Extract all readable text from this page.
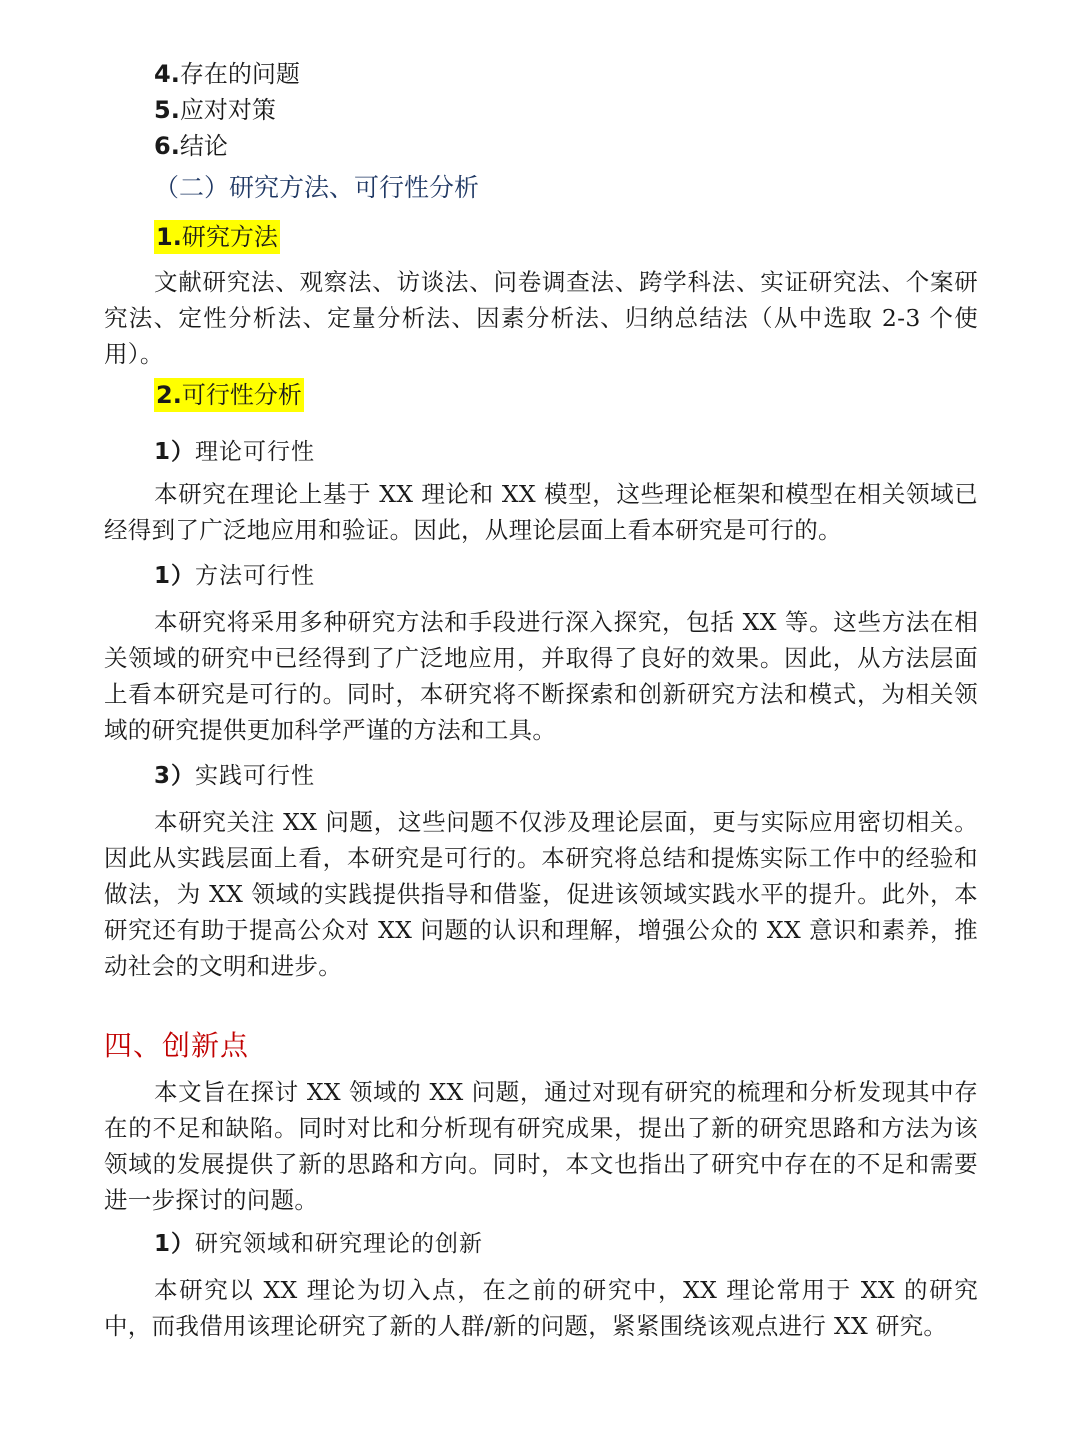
4.存在的问题
5.应对对策
6.结论
（二）研究方法、可行性分析
1.研究方法

文献研究法、观察法、访谈法、问卷调查法、跨学科法、实证研究法、个案研究法、定性分析法、定量分析法、因素分析法、归纳总结法（从中选取 2-3 个使用）。

2.可行性分析
1）理论可行性

本研究在理论上基于 XX 理论和 XX 模型，这些理论框架和模型在相关领域已经得到了广泛地应用和验证。因此，从理论层面上看本研究是可行的。

1）方法可行性

本研究将采用多种研究方法和手段进行深入探究，包括 XX 等。这些方法在相关领域的研究中已经得到了广泛地应用，并取得了良好的效果。因此，从方法层面上看本研究是可行的。同时，本研究将不断探索和创新研究方法和模式，为相关领域的研究提供更加科学严谨的方法和工具。

3）实践可行性

本研究关注 XX 问题，这些问题不仅涉及理论层面，更与实际应用密切相关。因此从实践层面上看，本研究是可行的。本研究将总结和提炼实际工作中的经验和做法，为 XX 领域的实践提供指导和借鉴，促进该领域实践水平的提升。此外，本研究还有助于提高公众对 XX 问题的认识和理解，增强公众的 XX 意识和素养，推动社会的文明和进步。

四、创新点

本文旨在探讨 XX 领域的 XX 问题，通过对现有研究的梳理和分析发现其中存在的不足和缺陷。同时对比和分析现有研究成果，提出了新的研究思路和方法为该领域的发展提供了新的思路和方向。同时，本文也指出了研究中存在的不足和需要进一步探讨的问题。

1）研究领域和研究理论的创新

本研究以 XX 理论为切入点，在之前的研究中，XX 理论常用于 XX 的研究中，而我借用该理论研究了新的人群/新的问题，紧紧围绕该观点进行 XX 研究。
